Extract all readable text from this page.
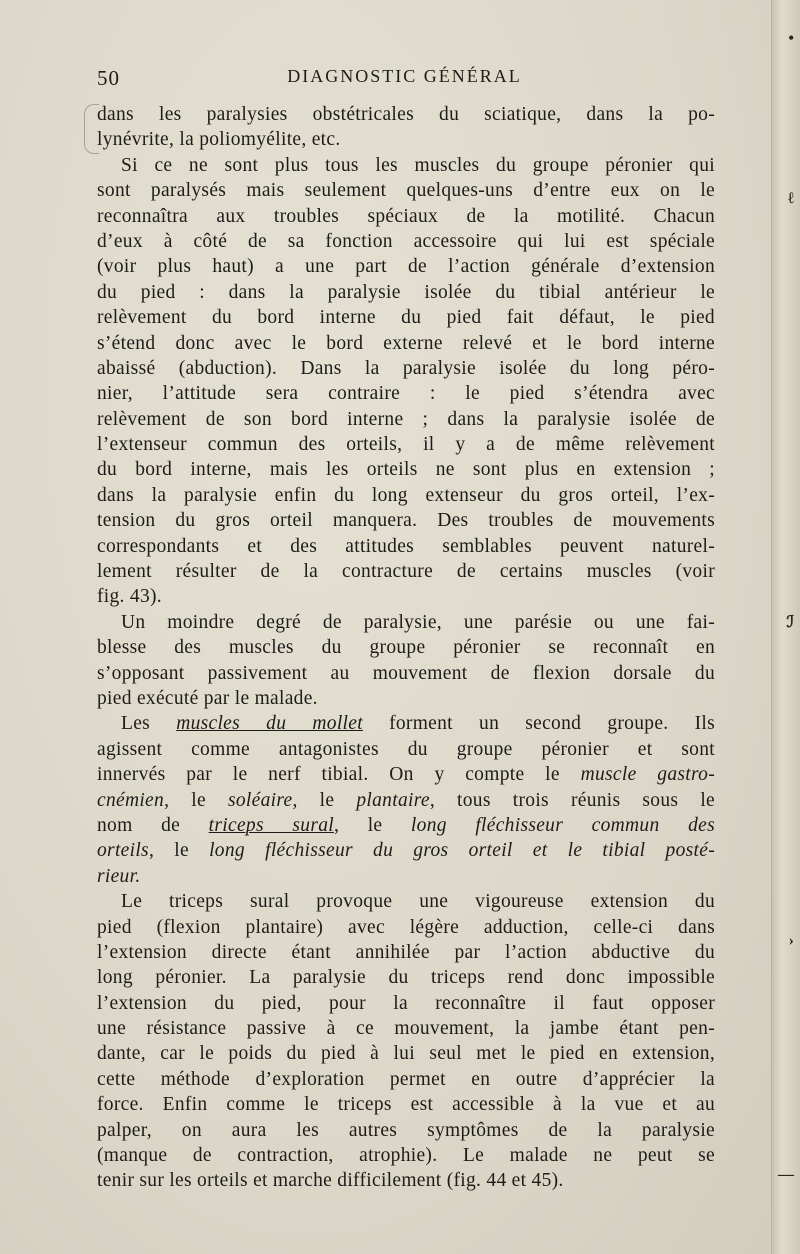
50	DIAGNOSTIC GÉNÉRAL
dans les paralysies obstétricales du sciatique, dans la po-
lynévrite, la poliomyélite, etc.
Si ce ne sont plus tous les muscles du groupe péronier qui
sont paralysés mais seulement quelques-uns d’entre eux on le
reconnaîtra aux troubles spéciaux de la motilité. Chacun
d’eux à côté de sa fonction accessoire qui lui est spéciale
(voir plus haut) a une part de l’action générale d’extension
du pied : dans la paralysie isolée du tibial antérieur le
relèvement du bord interne du pied fait défaut, le pied
s’étend donc avec le bord externe relevé et le bord interne
abaissé (abduction). Dans la paralysie isolée du long péro-
nier, l’attitude sera contraire : le pied s’étendra avec
relèvement de son bord interne ; dans la paralysie isolée de
l’extenseur commun des orteils, il y a de même relèvement
du bord interne, mais les orteils ne sont plus en extension ;
dans la paralysie enfin du long extenseur du gros orteil, l’ex-
tension du gros orteil manquera. Des troubles de mouvements
correspondants et des attitudes semblables peuvent naturel-
lement résulter de la contracture de certains muscles (voir
fig. 43).
Un moindre degré de paralysie, une parésie ou une fai-
blesse des muscles du groupe péronier se reconnaît en
s’opposant passivement au mouvement de flexion dorsale du
pied exécuté par le malade.
Les muscles du mollet forment un second groupe. Ils
agissent comme antagonistes du groupe péronier et sont
innervés par le nerf tibial. On y compte le muscle gastro-
cnémien, le soléaire, le plantaire, tous trois réunis sous le
nom de triceps sural, le long fléchisseur commun des
orteils, le long fléchisseur du gros orteil et le tibial posté-
rieur.
Le triceps sural provoque une vigoureuse extension du
pied (flexion plantaire) avec légère adduction, celle-ci dans
l’extension directe étant annihilée par l’action abductive du
long péronier. La paralysie du triceps rend donc impossible
l’extension du pied, pour la reconnaître il faut opposer
une résistance passive à ce mouvement, la jambe étant pen-
dante, car le poids du pied à lui seul met le pied en extension,
cette méthode d’exploration permet en outre d’apprécier la
force. Enfin comme le triceps est accessible à la vue et au
palper, on aura les autres symptômes de la paralysie
(manque de contraction, atrophie). Le malade ne peut se
tenir sur les orteils et marche difficilement (fig. 44 et 45).
•
ℓ
ℐ
›
—
